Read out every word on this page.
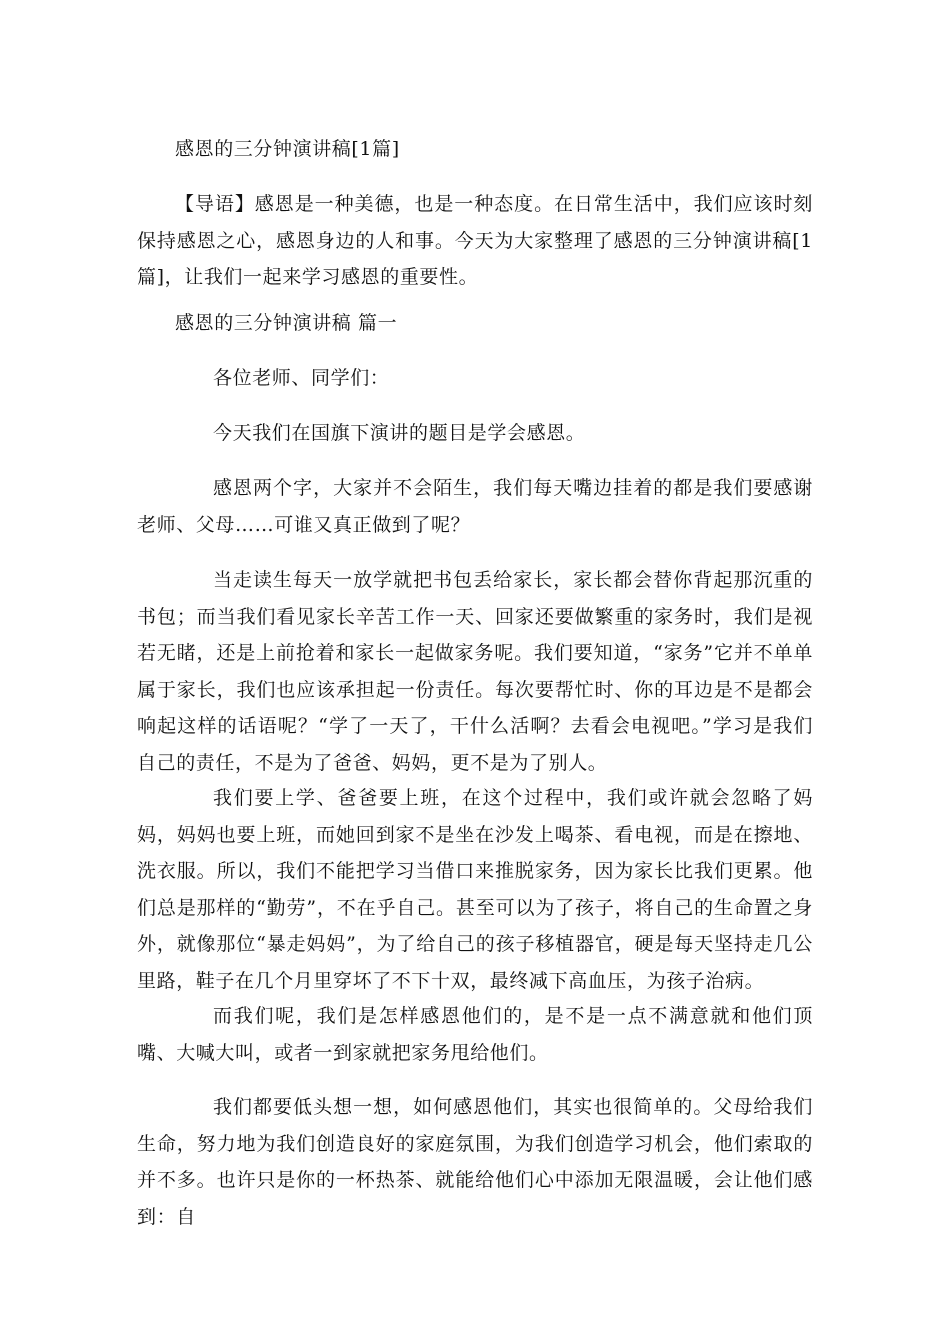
感恩的三分钟演讲稿[1篇]

【导语】感恩是一种美德，也是一种态度。在日常生活中，我们应该时刻保持感恩之心，感恩身边的人和事。今天为大家整理了感恩的三分钟演讲稿[1篇]，让我们一起来学习感恩的重要性。

感恩的三分钟演讲稿 篇一

各位老师、同学们：

今天我们在国旗下演讲的题目是学会感恩。

感恩两个字，大家并不会陌生，我们每天嘴边挂着的都是我们要感谢老师、父母……可谁又真正做到了呢？

当走读生每天一放学就把书包丢给家长，家长都会替你背起那沉重的书包；而当我们看见家长辛苦工作一天、回家还要做繁重的家务时，我们是视若无睹，还是上前抢着和家长一起做家务呢。我们要知道，“家务”它并不单单属于家长，我们也应该承担起一份责任。每次要帮忙时、你的耳边是不是都会响起这样的话语呢？“学了一天了，干什么活啊？去看会电视吧。”学习是我们自己的责任，不是为了爸爸、妈妈，更不是为了别人。

我们要上学、爸爸要上班，在这个过程中，我们或许就会忽略了妈妈，妈妈也要上班，而她回到家不是坐在沙发上喝茶、看电视，而是在擦地、洗衣服。所以，我们不能把学习当借口来推脱家务，因为家长比我们更累。他们总是那样的“勤劳”，不在乎自己。甚至可以为了孩子，将自己的生命置之身外，就像那位“暴走妈妈”，为了给自己的孩子移植器官，硬是每天坚持走几公里路，鞋子在几个月里穿坏了不下十双，最终减下高血压，为孩子治病。

而我们呢，我们是怎样感恩他们的，是不是一点不满意就和他们顶嘴、大喊大叫，或者一到家就把家务甩给他们。

我们都要低头想一想，如何感恩他们，其实也很简单的。父母给我们生命，努力地为我们创造良好的家庭氛围，为我们创造学习机会，他们索取的并不多。也许只是你的一杯热茶、就能给他们心中添加无限温暖，会让他们感到：自
